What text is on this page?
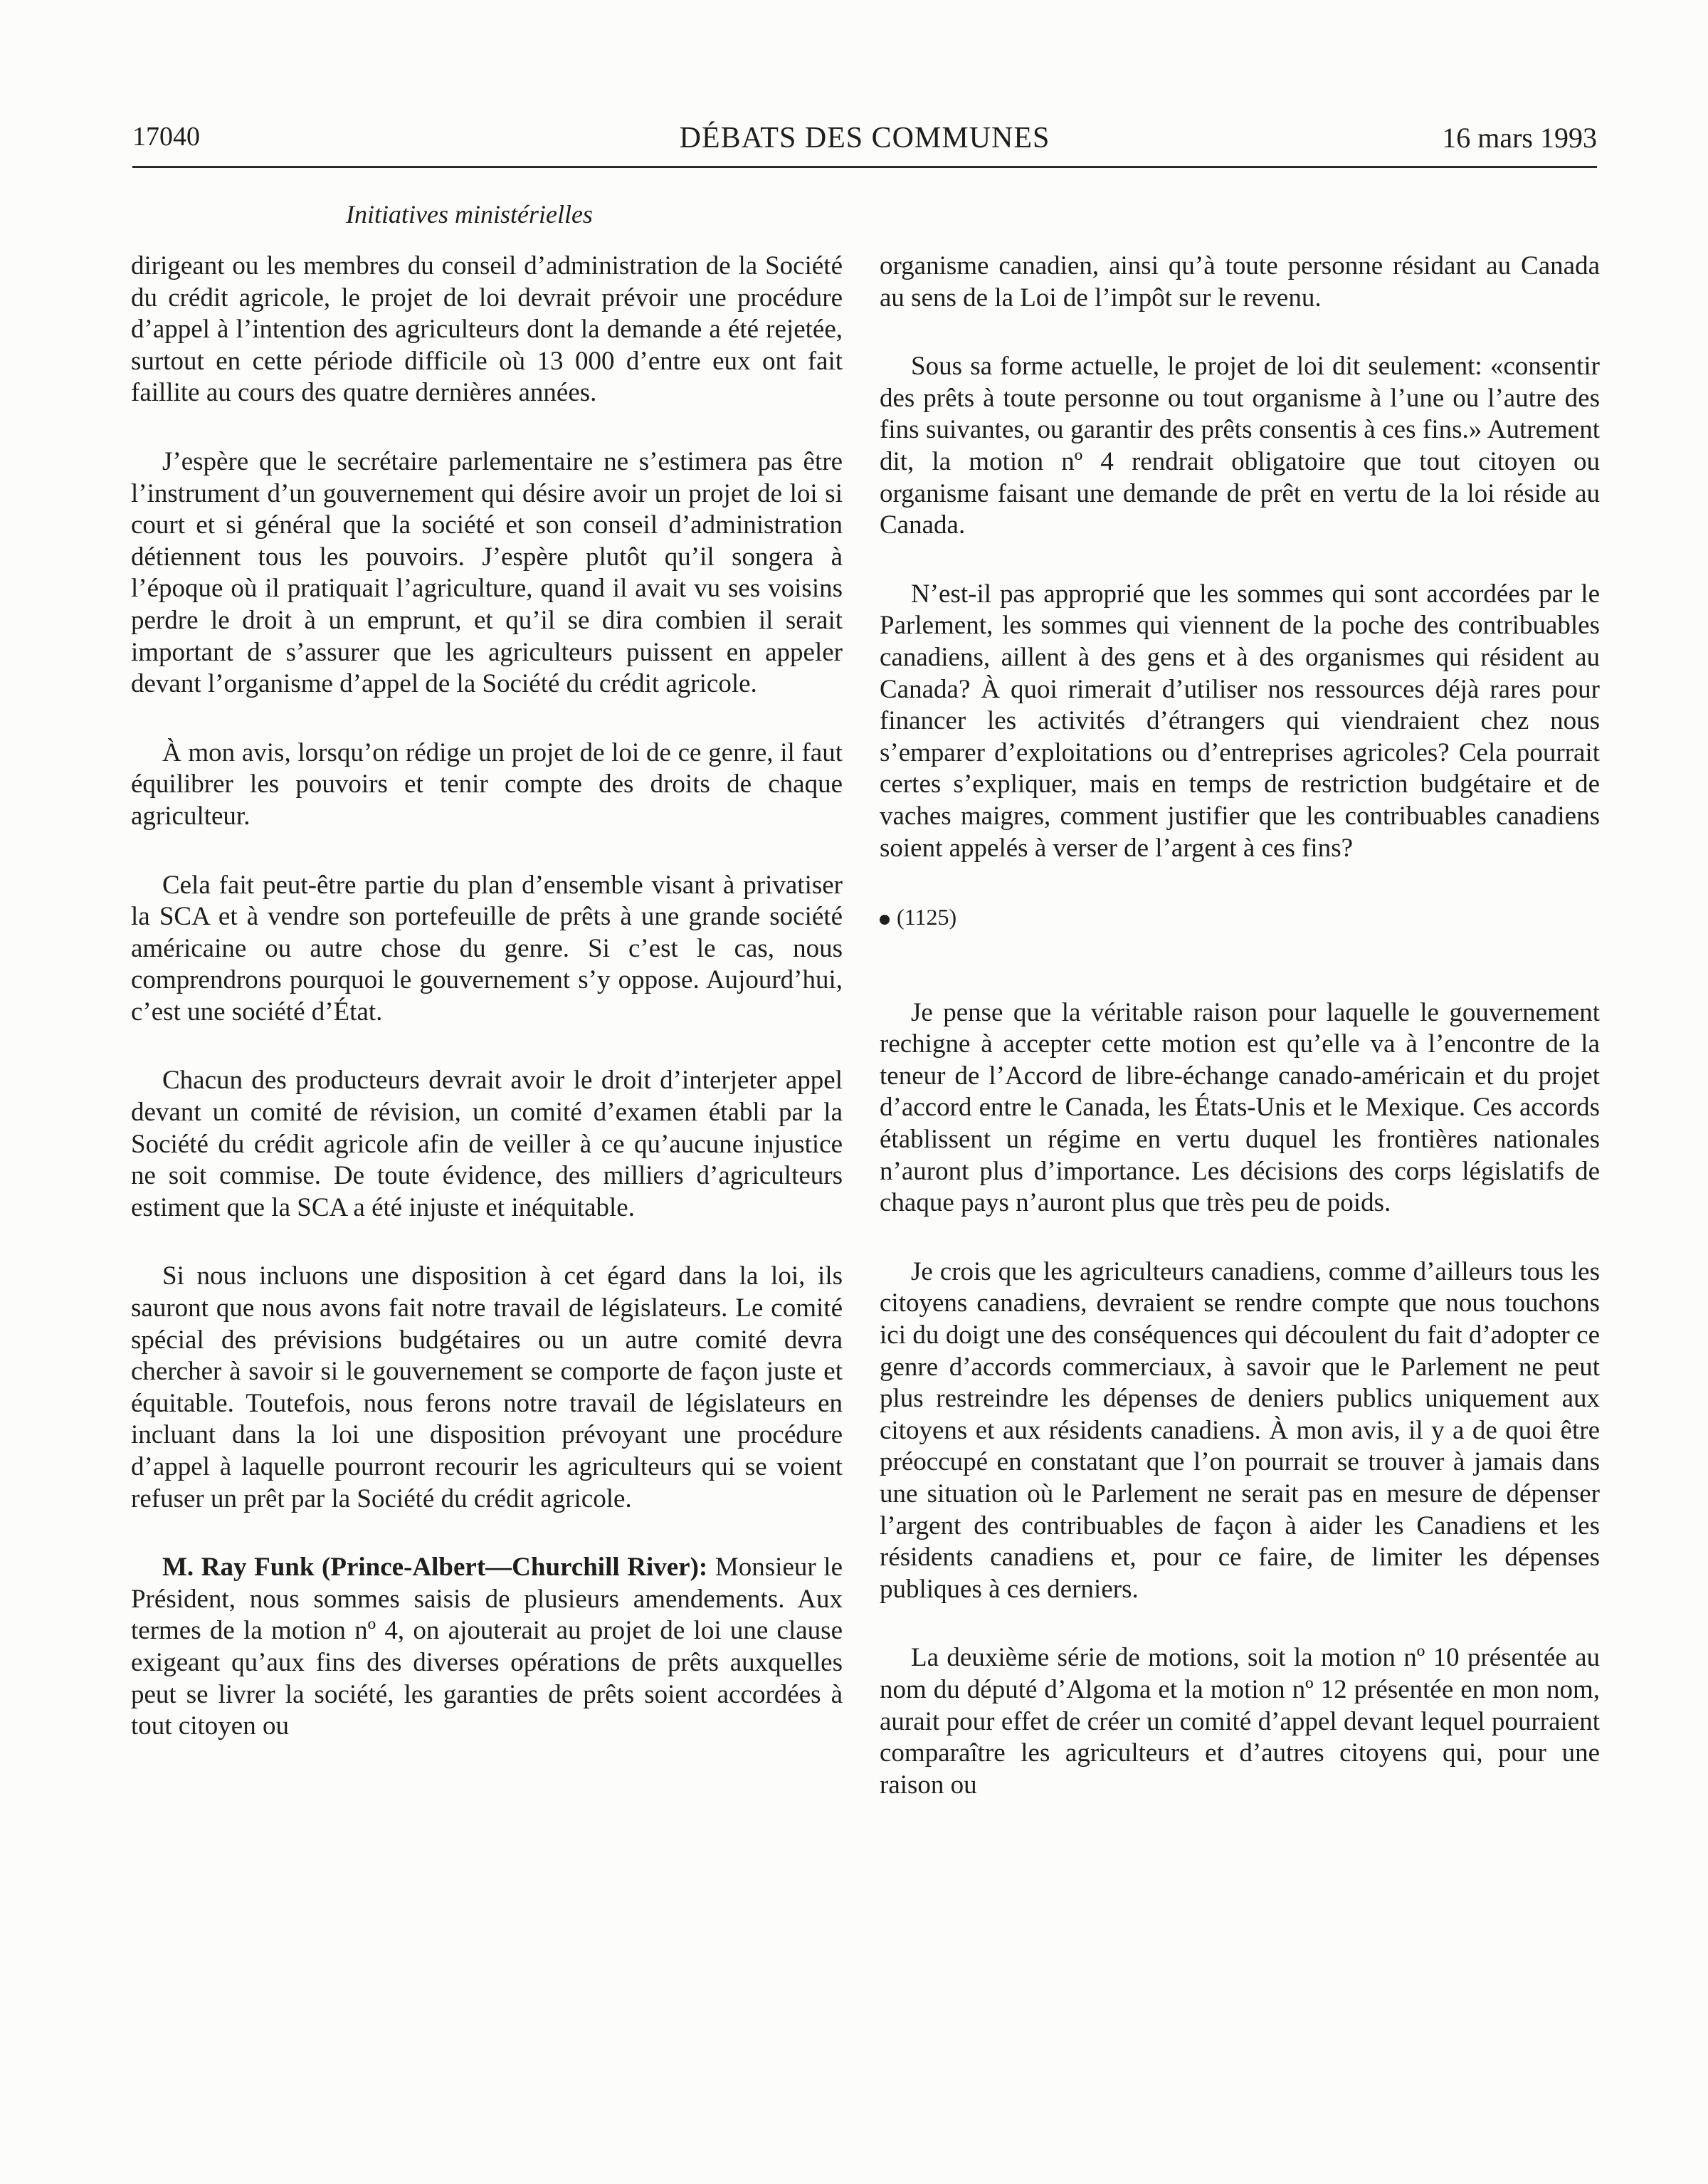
17040	DÉBATS DES COMMUNES	16 mars 1993
Initiatives ministérielles

dirigeant ou les membres du conseil d’administration de la Société du crédit agricole, le projet de loi devrait prévoir une procédure d’appel à l’intention des agriculteurs dont la demande a été rejetée, surtout en cette période difficile où 13 000 d’entre eux ont fait faillite au cours des quatre dernières années.

J’espère que le secrétaire parlementaire ne s’estimera pas être l’instrument d’un gouvernement qui désire avoir un projet de loi si court et si général que la société et son conseil d’administration détiennent tous les pouvoirs. J’espère plutôt qu’il songera à l’époque où il pratiquait l’agriculture, quand il avait vu ses voisins perdre le droit à un emprunt, et qu’il se dira combien il serait important de s’assurer que les agriculteurs puissent en appeler devant l’organisme d’appel de la Société du crédit agricole.

À mon avis, lorsqu’on rédige un projet de loi de ce genre, il faut équilibrer les pouvoirs et tenir compte des droits de chaque agriculteur.

Cela fait peut-être partie du plan d’ensemble visant à privatiser la SCA et à vendre son portefeuille de prêts à une grande société américaine ou autre chose du genre. Si c’est le cas, nous comprendrons pourquoi le gouvernement s’y oppose. Aujourd’hui, c’est une société d’État.

Chacun des producteurs devrait avoir le droit d’interjeter appel devant un comité de révision, un comité d’examen établi par la Société du crédit agricole afin de veiller à ce qu’aucune injustice ne soit commise. De toute évidence, des milliers d’agriculteurs estiment que la SCA a été injuste et inéquitable.

Si nous incluons une disposition à cet égard dans la loi, ils sauront que nous avons fait notre travail de législateurs. Le comité spécial des prévisions budgétaires ou un autre comité devra chercher à savoir si le gouvernement se comporte de façon juste et équitable. Toutefois, nous ferons notre travail de législateurs en incluant dans la loi une disposition prévoyant une procédure d’appel à laquelle pourront recourir les agriculteurs qui se voient refuser un prêt par la Société du crédit agricole.

M. Ray Funk (Prince-Albert—Churchill River): Monsieur le Président, nous sommes saisis de plusieurs amendements. Aux termes de la motion nº 4, on ajouterait au projet de loi une clause exigeant qu’aux fins des diverses opérations de prêts auxquelles peut se livrer la société, les garanties de prêts soient accordées à tout citoyen ou

organisme canadien, ainsi qu’à toute personne résidant au Canada au sens de la Loi de l’impôt sur le revenu.

Sous sa forme actuelle, le projet de loi dit seulement: «consentir des prêts à toute personne ou tout organisme à l’une ou l’autre des fins suivantes, ou garantir des prêts consentis à ces fins.» Autrement dit, la motion nº 4 rendrait obligatoire que tout citoyen ou organisme faisant une demande de prêt en vertu de la loi réside au Canada.

N’est-il pas approprié que les sommes qui sont accordées par le Parlement, les sommes qui viennent de la poche des contribuables canadiens, aillent à des gens et à des organismes qui résident au Canada? À quoi rimerait d’utiliser nos ressources déjà rares pour financer les activités d’étrangers qui viendraient chez nous s’emparer d’exploitations ou d’entreprises agricoles? Cela pourrait certes s’expliquer, mais en temps de restriction budgétaire et de vaches maigres, comment justifier que les contribuables canadiens soient appelés à verser de l’argent à ces fins?

(1125)

Je pense que la véritable raison pour laquelle le gouvernement rechigne à accepter cette motion est qu’elle va à l’encontre de la teneur de l’Accord de libre-échange canado-américain et du projet d’accord entre le Canada, les États-Unis et le Mexique. Ces accords établissent un régime en vertu duquel les frontières nationales n’auront plus d’importance. Les décisions des corps législatifs de chaque pays n’auront plus que très peu de poids.

Je crois que les agriculteurs canadiens, comme d’ailleurs tous les citoyens canadiens, devraient se rendre compte que nous touchons ici du doigt une des conséquences qui découlent du fait d’adopter ce genre d’accords commerciaux, à savoir que le Parlement ne peut plus restreindre les dépenses de deniers publics uniquement aux citoyens et aux résidents canadiens. À mon avis, il y a de quoi être préoccupé en constatant que l’on pourrait se trouver à jamais dans une situation où le Parlement ne serait pas en mesure de dépenser l’argent des contribuables de façon à aider les Canadiens et les résidents canadiens et, pour ce faire, de limiter les dépenses publiques à ces derniers.

La deuxième série de motions, soit la motion nº 10 présentée au nom du député d’Algoma et la motion nº 12 présentée en mon nom, aurait pour effet de créer un comité d’appel devant lequel pourraient comparaître les agriculteurs et d’autres citoyens qui, pour une raison ou
